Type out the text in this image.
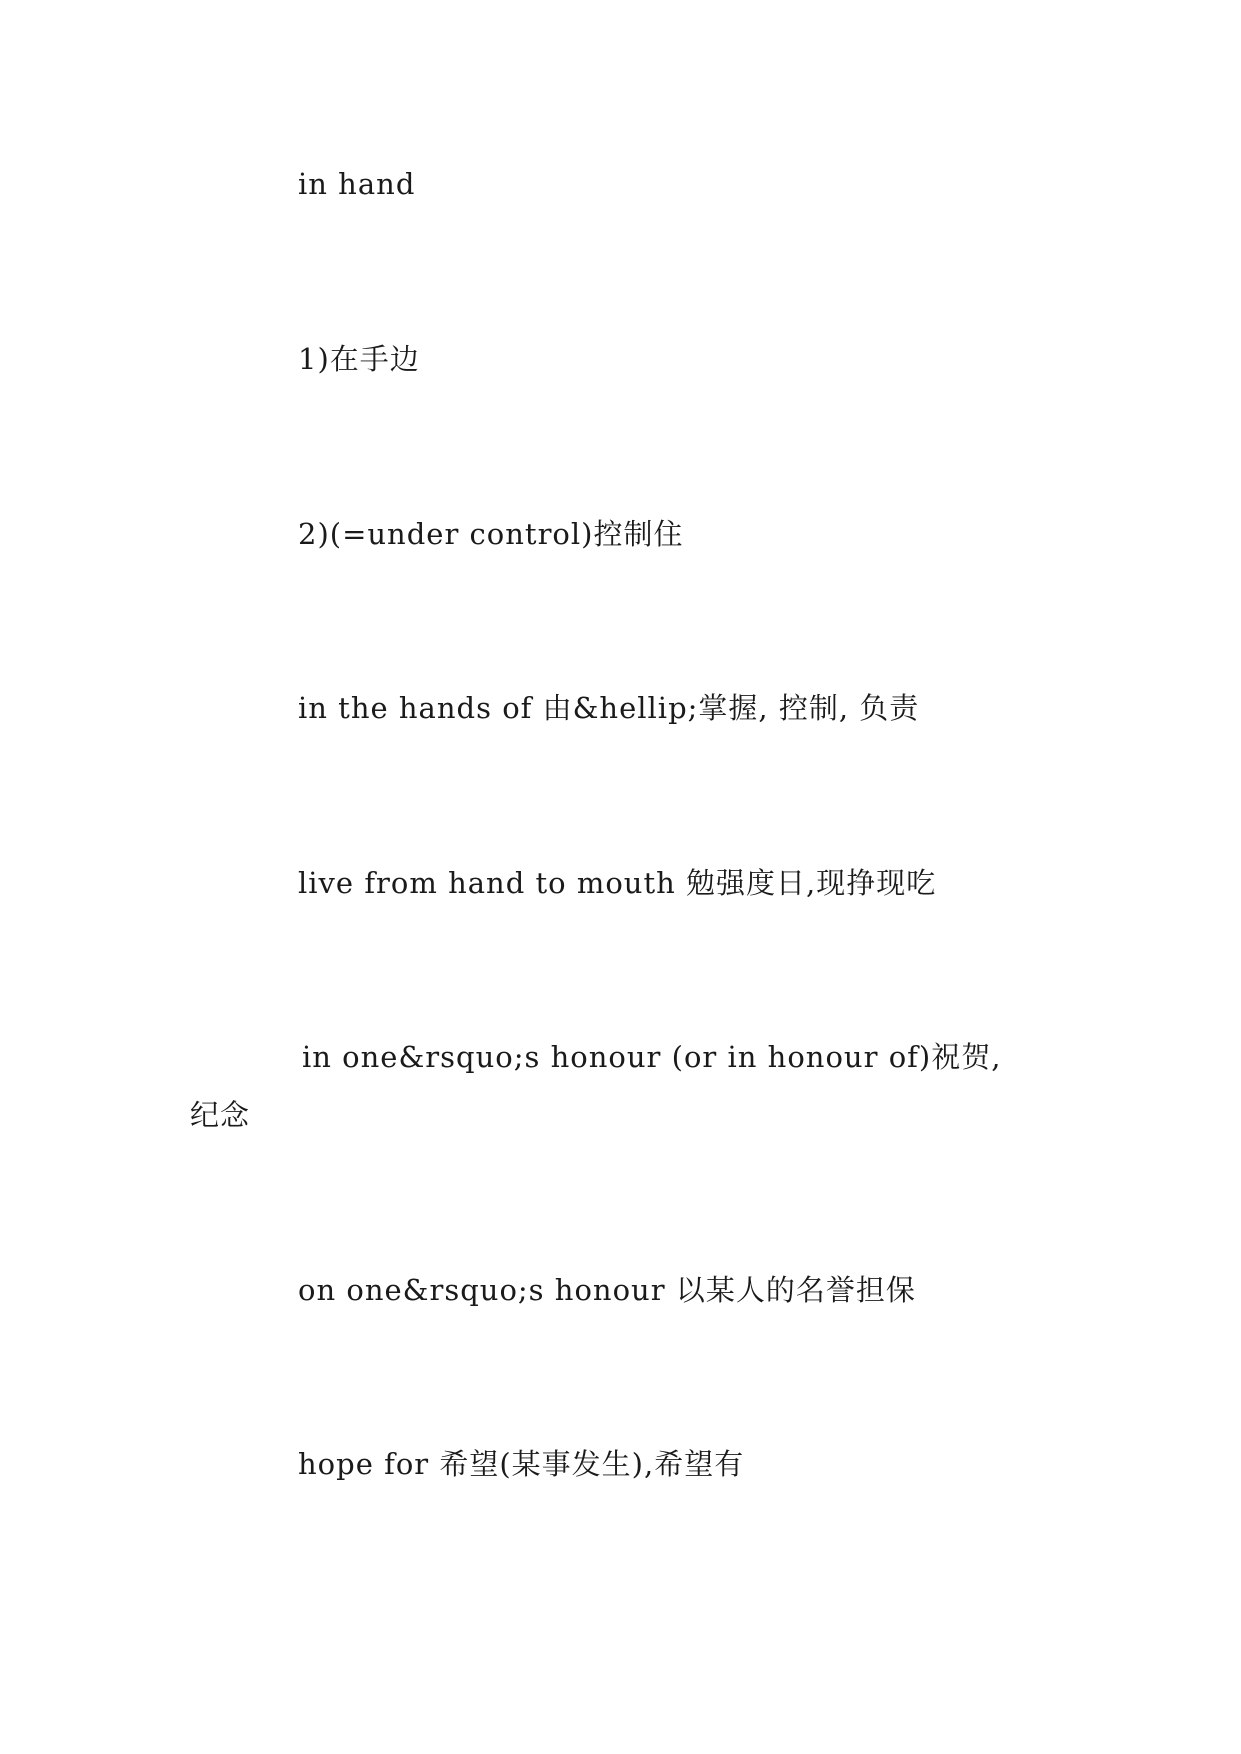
in hand
1)在手边
2)(=under control)控制住
in the hands of 由&hellip;掌握, 控制, 负责
live from hand to mouth 勉强度日,现挣现吃
in one&rsquo;s honour (or in honour of)祝贺,
纪念
on one&rsquo;s honour 以某人的名誉担保
hope for 希望(某事发生),希望有
